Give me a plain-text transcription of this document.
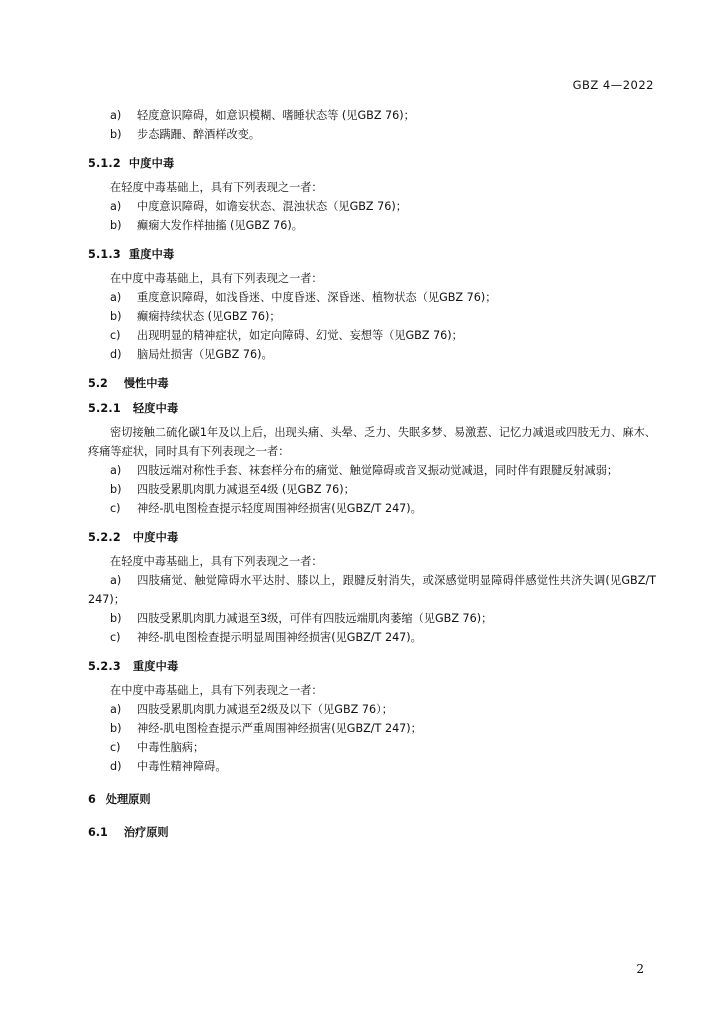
GBZ 4—2022
a)	轻度意识障碍，如意识模糊、嗜睡状态等 (见GBZ 76)；
b)	步态蹒跚、醉酒样改变。
5.1.2 中度中毒
在轻度中毒基础上，具有下列表现之一者：
a)	中度意识障碍，如谵妄状态、混浊状态（见GBZ 76)；
b)	癫痫大发作样抽搐 (见GBZ 76)。
5.1.3 重度中毒
在中度中毒基础上，具有下列表现之一者：
a)	重度意识障碍，如浅昏迷、中度昏迷、深昏迷、植物状态（见GBZ 76)；
b)	癫痫持续状态 (见GBZ 76)；
c)	出现明显的精神症状，如定向障碍、幻觉、妄想等（见GBZ 76)；
d)	脑局灶损害（见GBZ 76)。
5.2 慢性中毒
5.2.1 轻度中毒
密切接触二硫化碳1年及以上后，出现头痛、头晕、乏力、失眠多梦、易激惹、记忆力减退或四肢无力、麻木、疼痛等症状，同时具有下列表现之一者：
a) 四肢远端对称性手套、袜套样分布的痛觉、触觉障碍或音叉振动觉减退，同时伴有跟腱反射减弱；
b)	四肢受累肌肉肌力减退至4级 (见GBZ 76)；
c)	神经-肌电图检查提示轻度周围神经损害(见GBZ/T 247)。
5.2.2 中度中毒
在轻度中毒基础上，具有下列表现之一者：
a) 四肢痛觉、触觉障碍水平达肘、膝以上，跟腱反射消失，或深感觉明显障碍伴感觉性共济失调(见GBZ/T 247)；
b)	四肢受累肌肉肌力减退至3级，可伴有四肢远端肌肉萎缩（见GBZ 76)；
c)	神经-肌电图检查提示明显周围神经损害(见GBZ/T 247)。
5.2.3 重度中毒
在中度中毒基础上，具有下列表现之一者：
a)	四肢受累肌肉肌力减退至2级及以下（见GBZ 76）；
b)	神经-肌电图检查提示严重周围神经损害(见GBZ/T 247)；
c)	中毒性脑病；
d)	中毒性精神障碍。
6 处理原则
6.1 治疗原则
2
